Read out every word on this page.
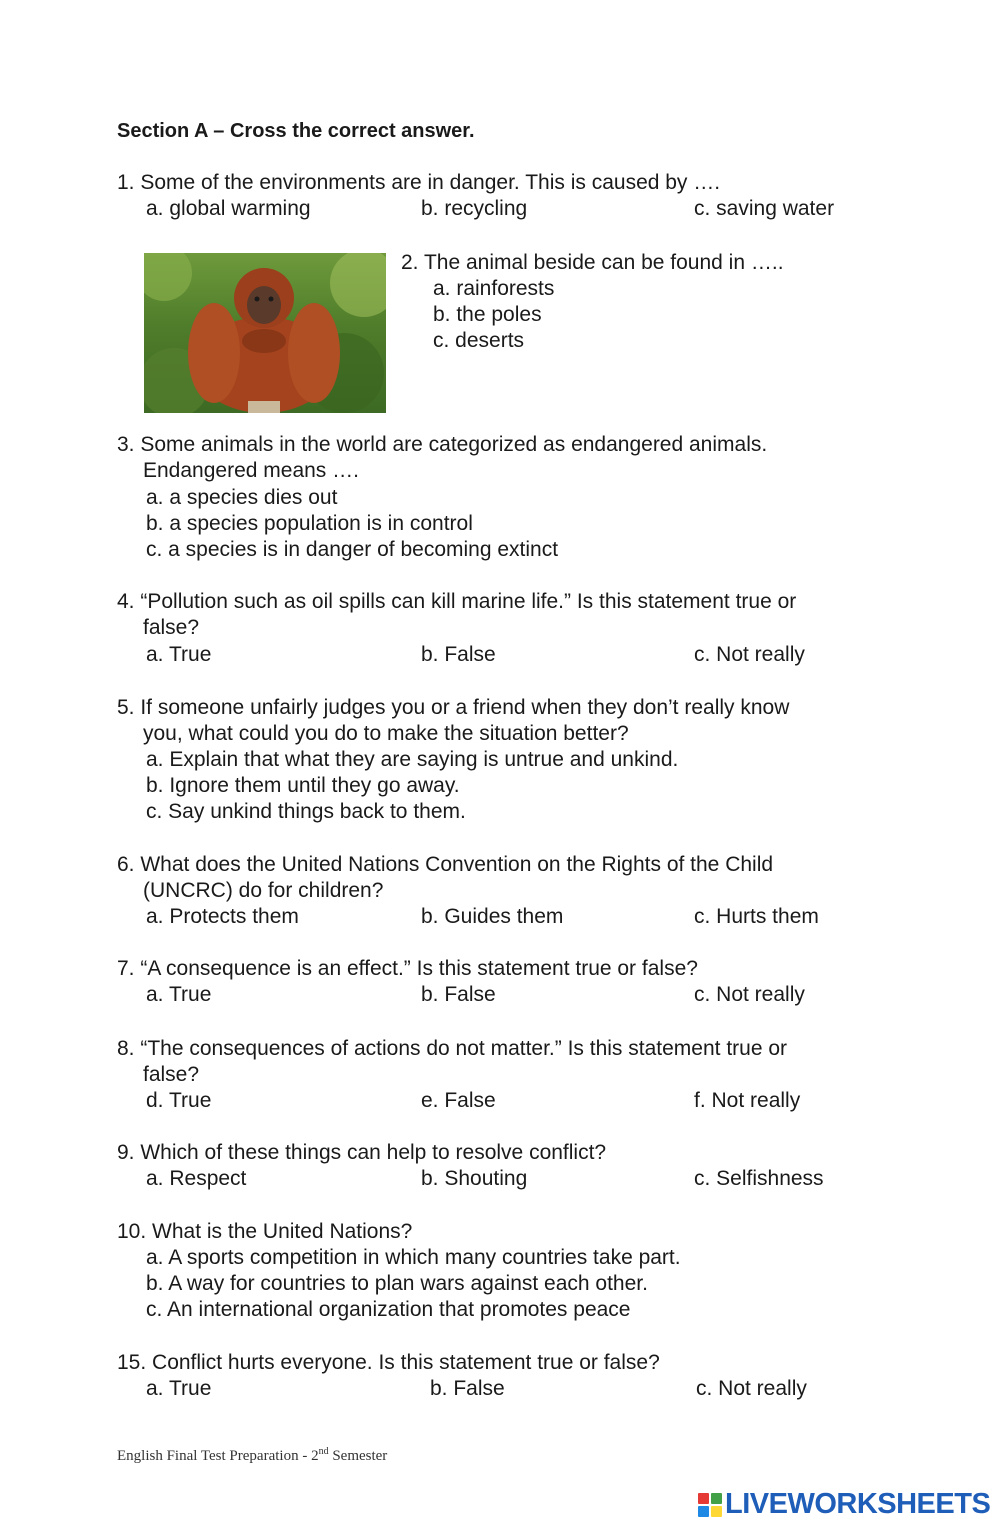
Section A – Cross the correct answer.
1. Some of the environments are in danger. This is caused by ….
a. global warming	b. recycling	c. saving water
2. The animal beside can be found in …..
a. rainforests
b. the poles
c. deserts
3. Some animals in the world are categorized as endangered animals.
Endangered means ….
a. a species dies out
b. a species population is in control
c. a species is in danger of becoming extinct
4. “Pollution such as oil spills can kill marine life.” Is this statement true or
false?
a. True	b. False	c. Not really
5. If someone unfairly judges you or a friend when they don’t really know
you, what could you do to make the situation better?
a. Explain that what they are saying is untrue and unkind.
b. Ignore them until they go away.
c. Say unkind things back to them.
6. What does the United Nations Convention on the Rights of the Child
(UNCRC) do for children?
a. Protects them	b. Guides them	c. Hurts them
7. “A consequence is an effect.” Is this statement true or false?
a. True	b. False	c. Not really
8. “The consequences of actions do not matter.” Is this statement true or
false?
d. True	e. False	f. Not really
9. Which of these things can help to resolve conflict?
a. Respect	b. Shouting	c. Selfishness
10. What is the United Nations?
a. A sports competition in which many countries take part.
b. A way for countries to plan wars against each other.
c. An international organization that promotes peace
15. Conflict hurts everyone. Is this statement true or false?
a. True	b. False	c. Not really
English Final Test Preparation - 2nd Semester
LIVEWORKSHEETS
